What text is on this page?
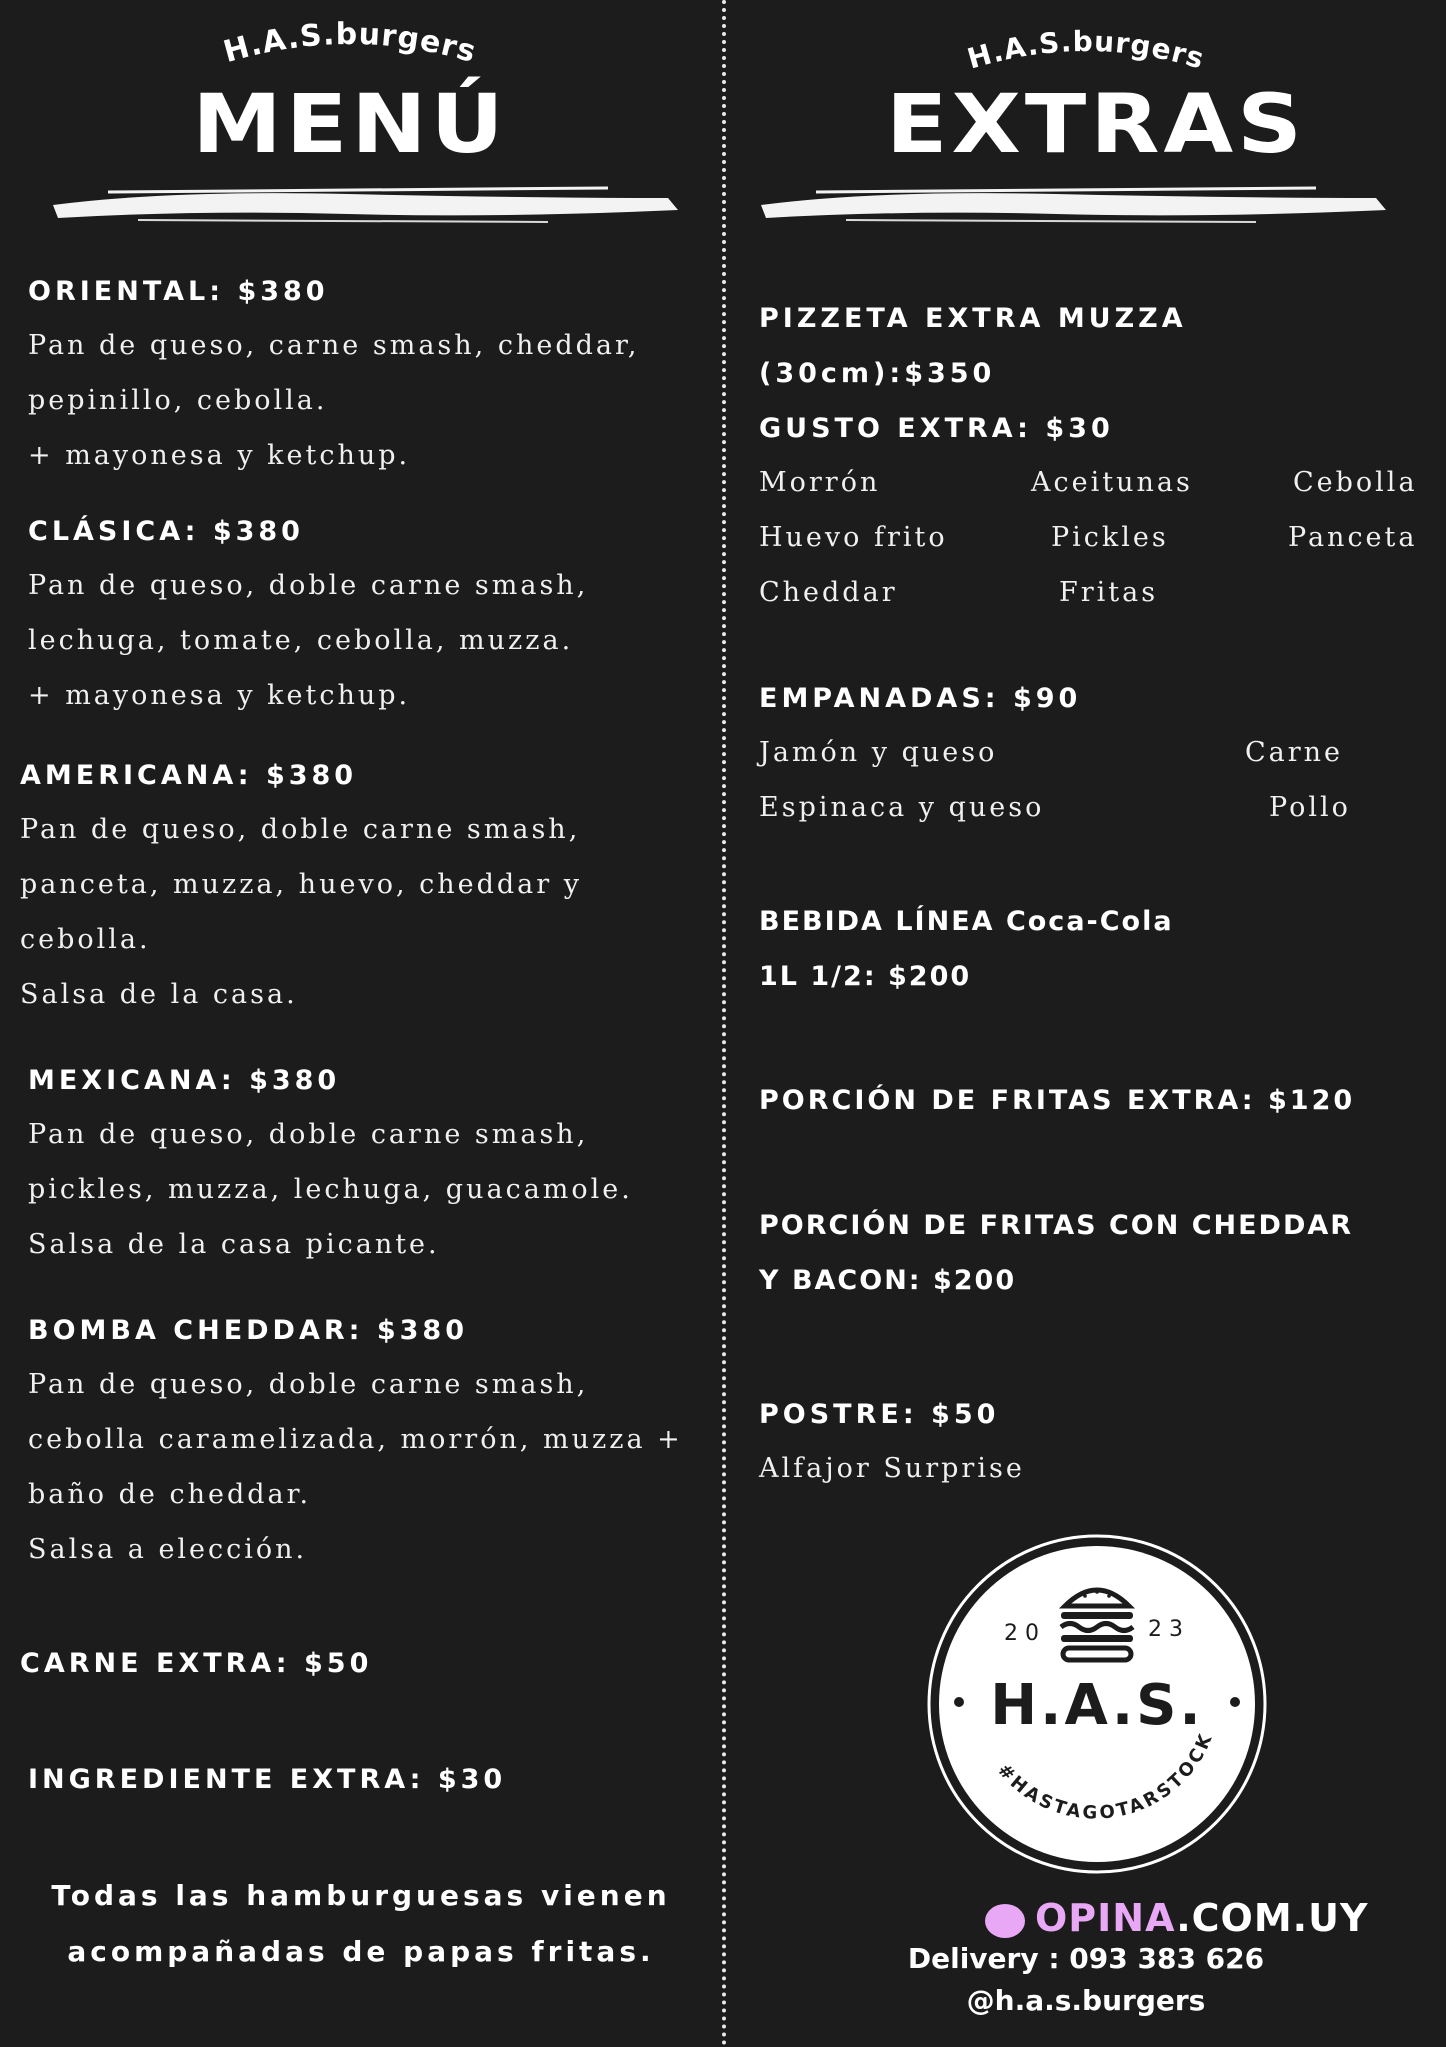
H.A.S.burgers
MENÚ
ORIENTAL: $380
Pan de queso, carne smash, cheddar,
pepinillo, cebolla.
+ mayonesa y ketchup.
CLÁSICA: $380
Pan de queso, doble carne smash,
lechuga, tomate, cebolla, muzza.
+ mayonesa y ketchup.
AMERICANA: $380
Pan de queso, doble carne smash,
panceta, muzza, huevo, cheddar y
cebolla.
Salsa de la casa.
MEXICANA: $380
Pan de queso, doble carne smash,
pickles, muzza, lechuga, guacamole.
Salsa de la casa picante.
BOMBA CHEDDAR: $380
Pan de queso, doble carne smash,
cebolla caramelizada, morrón, muzza +
baño de cheddar.
Salsa a elección.
CARNE EXTRA: $50
INGREDIENTE EXTRA: $30
Todas las hamburguesas vienen
acompañadas de papas fritas.
H.A.S.burgers
EXTRAS
PIZZETA EXTRA MUZZA
(30cm):$350
GUSTO EXTRA: $30
Morrón	Aceitunas	Cebolla
Huevo frito	Pickles	Panceta
Cheddar	Fritas
EMPANADAS: $90
Jamón y queso	Carne
Espinaca y queso	Pollo
BEBIDA LÍNEA Coca-Cola
1L 1/2: $200
PORCIÓN DE FRITAS EXTRA: $120
PORCIÓN DE FRITAS CON CHEDDAR
Y BACON: $200
POSTRE: $50
Alfajor Surprise
20	23
H.A.S.
#HASTAGOTARSTOCK
Delivery : 093 383 626
@h.a.s.burgers
OPINA.COM.UY
